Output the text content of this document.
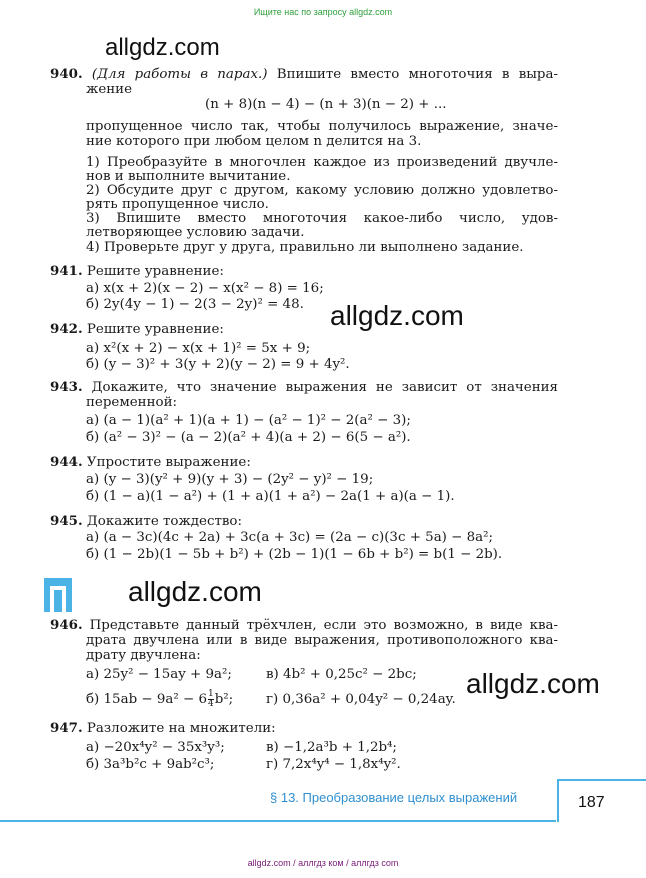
Ищите нас по запросу allgdz.com
allgdz.com
940. (Для работы в парах.) Впишите вместо многоточия в выра-
жение
(n + 8)(n − 4) − (n + 3)(n − 2) + ...
пропущенное число так, чтобы получилось выражение, значе-
ние которого при любом целом n делится на 3.
1) Преобразуйте в многочлен каждое из произведений двучле-
нов и выполните вычитание.
2) Обсудите друг с другом, какому условию должно удовлетво-
рять пропущенное число.
3) Впишите вместо многоточия какое-либо число, удов-
летворяющее условию задачи.
4) Проверьте друг у друга, правильно ли выполнено задание.
941. Решите уравнение:
а) x(x + 2)(x − 2) − x(x² − 8) = 16;
б) 2y(4y − 1) − 2(3 − 2y)² = 48. allgdz.com
942. Решите уравнение:
а) x²(x + 2) − x(x + 1)² = 5x + 9;
б) (y − 3)² + 3(y + 2)(y − 2) = 9 + 4y².
943. Докажите, что значение выражения не зависит от значения
переменной:
а) (a − 1)(a² + 1)(a + 1) − (a² − 1)² − 2(a² − 3);
б) (a² − 3)² − (a − 2)(a² + 4)(a + 2) − 6(5 − a²).
944. Упростите выражение:
а) (y − 3)(y² + 9)(y + 3) − (2y² − y)² − 19;
б) (1 − a)(1 − a²) + (1 + a)(1 + a²) − 2a(1 + a)(a − 1).
945. Докажите тождество:
а) (a − 3c)(4c + 2a) + 3c(a + 3c) = (2a − c)(3c + 5a) − 8a²;
б) (1 − 2b)(1 − 5b + b²) + (2b − 1)(1 − 6b + b²) = b(1 − 2b).
allgdz.com
946. Представьте данный трёхчлен, если это возможно, в виде ква-
драта двучлена или в виде выражения, противоположного ква-
драту двучлена:
а) 25y² − 15ay + 9a²;	в) 4b² + 0,25c² − 2bc;
б) $15ab - 9a^2 - 6 \frac{1}{4} b^2$; г) 0,36a² + 0,04y² − 0,24ay.
allgdz.com
947. Разложите на множители:
а) −20x⁴y² − 35x³y³;	в) −1,2a³b + 1,2b⁴;
б) 3a³b²c + 9ab²c³;	г) 7,2x⁴y⁴ − 1,8x⁴y².
§ 13. Преобразование целых выражений	187
allgdz.com / аллгдз ком / аллгдз com
